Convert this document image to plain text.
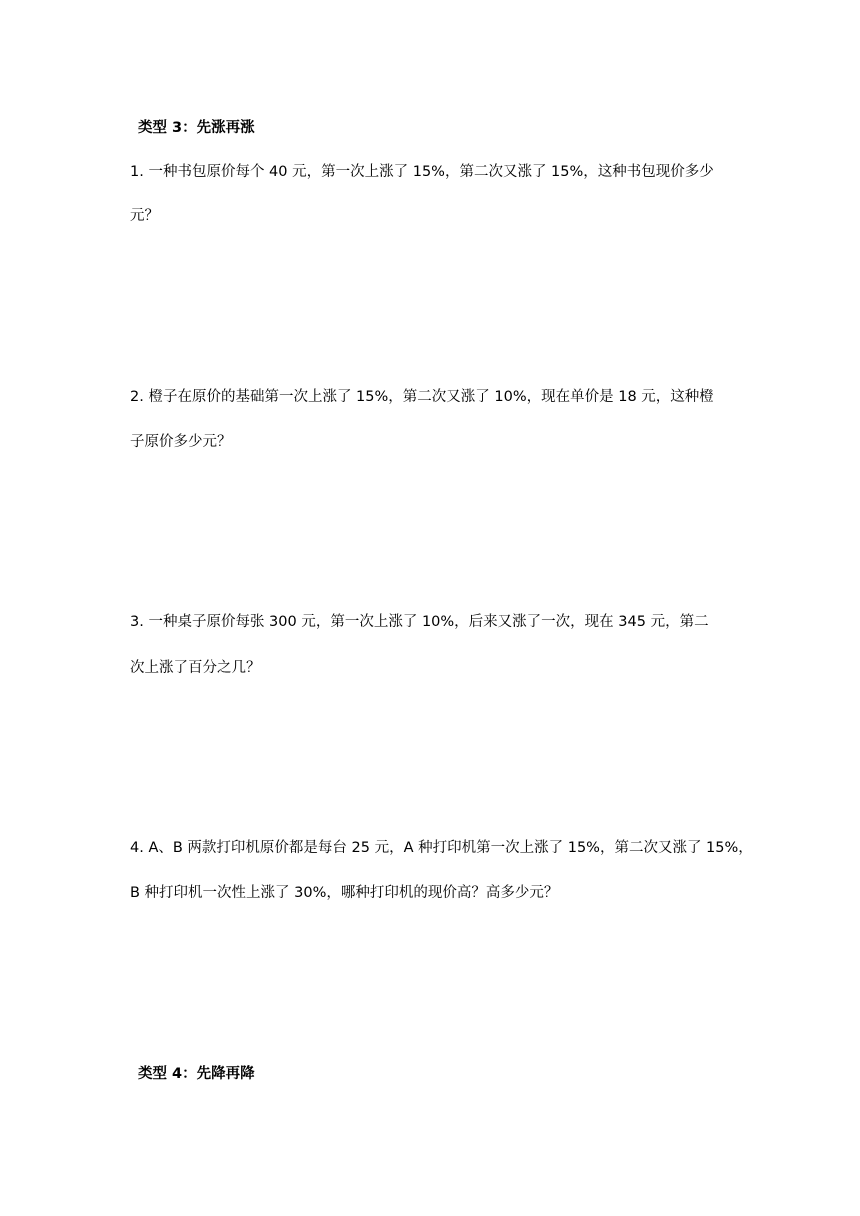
类型 3：先涨再涨
1. 一种书包原价每个 40 元，第一次上涨了 15%，第二次又涨了 15%，这种书包现价多少
元？
2. 橙子在原价的基础第一次上涨了 15%，第二次又涨了 10%，现在单价是 18 元，这种橙
子原价多少元？
3. 一种桌子原价每张 300 元，第一次上涨了 10%，后来又涨了一次，现在 345 元，第二
次上涨了百分之几？
4. A、B 两款打印机原价都是每台 25 元，A 种打印机第一次上涨了 15%，第二次又涨了 15%，
B 种打印机一次性上涨了 30%，哪种打印机的现价高？高多少元？
类型 4：先降再降
